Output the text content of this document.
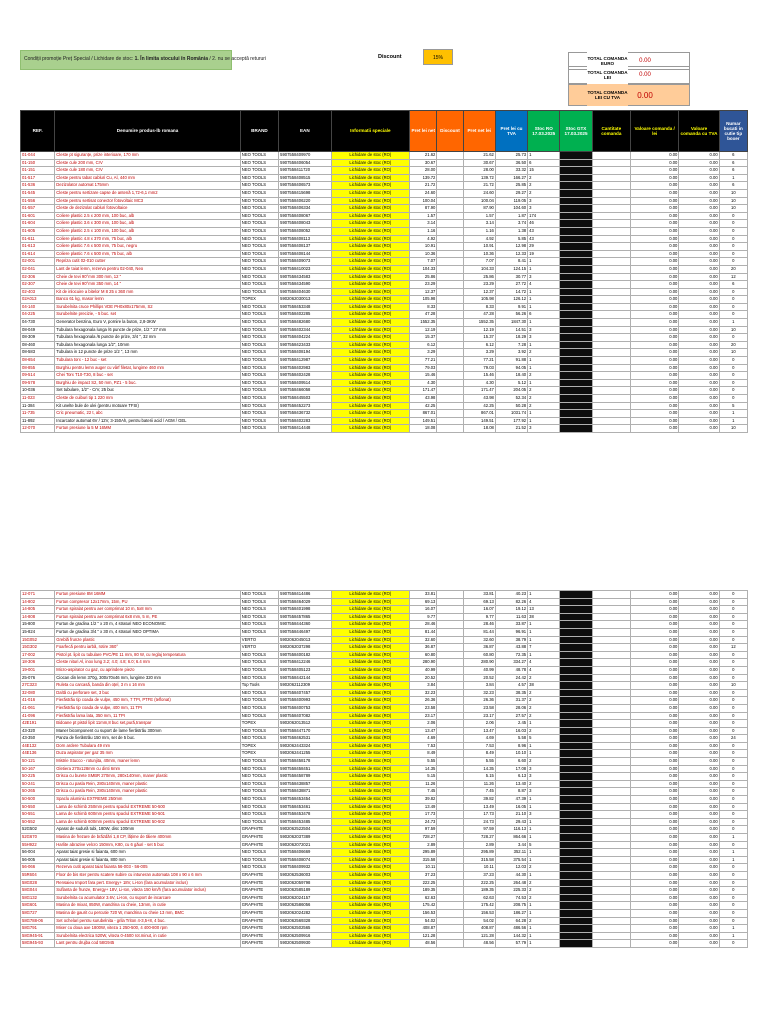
Condiții promoție Preț Special / Lichidare de stoc: 1. În limita stocului în România / 2. nu se acceptă retururi	Discount	15%	TOTAL COMANDA EURO	0.00
TOTAL COMANDA LEI	0.00
TOTAL COMANDA LEI CU TVA	0.00
REF.	Denumire produs-lb romana	BRAND	EAN	Informatii speciale	Pret lei net	Discount	Pret net lei	Pret lei cu TVA	Stoc RO 17.03.2025	Stoc GTX 17.03.2025	Cantitate comanda	Valoare comanda / lei	Valoare comanda cu TVA	Numar bucati in cutie tip boxer
01-044	Cleste pt siguranțe, prize interioare, 170 mm	NEO TOOLS	5907558409970	Lichidare de stoc (RO)	21.62		21.62	25.73	1			0.00	0.00	6
01-150	Cleste cule 200 mm, CrV	NEO TOOLS	5907558406054	Lichidare de stoc (RO)	30.67		30.67	36.50	6			0.00	0.00	6
01-151	Cleste cule 180 mm, CrV	NEO TOOLS	5907558411720	Lichidare de stoc (RO)	28.00		28.00	33.32	15			0.00	0.00	6
01-517	Cleste pentru tabat cabluri Cu, Al, 440 mm	NEO TOOLS	5907558408515	Lichidare de stoc (RO)	139.72		139.72	166.27	2			0.00	0.00	1
01-536	Dezizolator automat 175mm	NEO TOOLS	5907558406573	Lichidare de stoc (RO)	21.72		21.72	25.85	2			0.00	0.00	6
01-545	Cleste pentru sertizare capse de antenă 1,72-6,1 mm2	NEO TOOLS	5907558415698	Lichidare de stoc (RO)	24.60		24.60	29.27	2			0.00	0.00	10
01-556	Cleste pentru sertisat conector fotovoltaic MC3	NEO TOOLS	5907558406220	Lichidare de stoc (RO)	100.04		100.04	119.05	3			0.00	0.00	10
01-557	Cleste de dezizolat cabluri fotovoltaice	NEO TOOLS	5907558406334	Lichidare de stoc (RO)	87.90		87.90	104.60	3			0.00	0.00	10
01-601	Coliere plastic 2.5 x 200 mm, 100 buc, alb	NEO TOOLS	5907558408067	Lichidare de stoc (RO)	1.57		1.57	1.87	174			0.00	0.00	0
01-604	Coliere plastic 3.6 x 300 mm, 100 buc, alb	NEO TOOLS	5907558408043	Lichidare de stoc (RO)	3.14		3.14	3.74	46			0.00	0.00	0
01-605	Coliere plastic 2.5 x 100 mm, 100 buc, alb	NEO TOOLS	5907558408052	Lichidare de stoc (RO)	1.16		1.16	1.38	43			0.00	0.00	0
01-611	Coliere plastic 4.8 x 370 mm, 75 buc, alb	NEO TOOLS	5907558408113	Lichidare de stoc (RO)	4.92		4.92	5.85	43			0.00	0.00	0
01-613	Coliere plastic 7.6 x 500 mm, 75 buc, negru	NEO TOOLS	5907558408137	Lichidare de stoc (RO)	10.91		10.91	12.98	29			0.00	0.00	0
01-614	Coliere plastic 7.6 x 500 mm, 75 buc, alb	NEO TOOLS	5907558408144	Lichidare de stoc (RO)	10.36		10.36	12.33	19			0.00	0.00	0
02-001	Repriza cutit 02-010 cutter	NEO TOOLS	5907558409073	Lichidare de stoc (RO)	7.07		7.07	8.41	1			0.00	0.00	0
02-041	Lant de taiat lemn, rezerva pentru 02-040, Neo	NEO TOOLS	5907558410023	Lichidare de stoc (RO)	104.33		104.33	124.15	1			0.00	0.00	20
02-306	Cheie de tevi 90°mm 300 mm, 12 "	NEO TOOLS	5907558434583	Lichidare de stoc (RO)	25.86		25.86	30.77	3			0.00	0.00	12
02-307	Cheie de tevi 90°mm 350 mm, 14 "	NEO TOOLS	5907558434590	Lichidare de stoc (RO)	23.29		23.29	27.72	4			0.00	0.00	6
02-403	Kit de inlocuire a bitelor M 8 25 x 360 mm	NEO TOOLS	5907558404630	Lichidare de stoc (RO)	12.37		12.37	14.72	1			0.00	0.00	0
02A013	Banco 61 kg, masor lemn	TOPEX	5902062030013	Lichidare de stoc (RO)	105.98		105.98	126.12	1			0.00	0.00	0
04-140	Surubelnita cruce Phillips VDE PH0x80x175mm, S2	NEO TOOLS	5907558453348	Lichidare de stoc (RO)	8.33		8.33	9.91	1			0.00	0.00	0
04-225	Surubelnite precizie, - 5 buc. set	NEO TOOLS	5907558402285	Lichidare de stoc (RO)	47.28		47.28	56.26	6			0.00	0.00	0
04-730	Generator benzina, Euro V, pornire la buton, 2,8-3KW	NEO TOOLS	5907558482680	Lichidare de stoc (RO)	1552.35		1552.35	1847.30	1			0.00	0.00	1
08-049	Tubulara hexagonala lunga /6 puncte de prize, 1/2 " 27 mm	NEO TOOLS	5907558402344	Lichidare de stoc (RO)	12.19		12.19	14.51	3			0.00	0.00	10
08-309	Tubulara hexagonala /6 puncte de prize, 3/4 ", 32 mm	NEO TOOLS	5907558404224	Lichidare de stoc (RO)	15.37		15.37	18.29	3			0.00	0.00	0
08-460	Tubulara hexagonala lunga 1/2", 10mm	NEO TOOLS	5907558423433	Lichidare de stoc (RO)	6.12		6.12	7.28	1			0.00	0.00	20
08-583	Tubulara in 12 puncte de prize 1/2 ", 13 mm	NEO TOOLS	5907558408194	Lichidare de stoc (RO)	3.29		3.29	3.92	2			0.00	0.00	10
08-654	Tubulara torx - 12 buc - set	NEO TOOLS	5907558412987	Lichidare de stoc (RO)	77.21		77.21	91.88	1			0.00	0.00	0
08-855	Burghiu pentru lemn auger cu vârf filetat, lungime 460 mm	NEO TOOLS	5907558402983	Lichidare de stoc (RO)	79.03		79.03	94.05	1			0.00	0.00	0
09-514	Chei Torx T10-T30, 8 buc - set	NEO TOOLS	5907558402428	Lichidare de stoc (RO)	15.46		15.46	18.40	2			0.00	0.00	0
09-578	Burghiu de impact S2, 50 mm, PZ1 - 5 buc.	NEO TOOLS	5907558409514	Lichidare de stoc (RO)	4.30		4.30	5.12	1			0.00	0.00	0
10-036	Set tubulare, 1/2" - CrV, 25 buc	NEO TOOLS	5907558466058	Lichidare de stoc (RO)	171.47		171.47	204.05	2			0.00	0.00	0
11-023	Cleste de cuiburi tip 1 220 mm	NEO TOOLS	5907558445503	Lichidare de stoc (RO)	43.98		43.98	52.34	2			0.00	0.00	0
11-384	Kit unelte bule de ulei (pentru motoare TFSI)	NEO TOOLS	5907558452273	Lichidare de stoc (RO)	42.25		42.25	50.28	2			0.00	0.00	5
11-735	Cric pneumatic, 22 t, abc	NEO TOOLS	5907558436732	Lichidare de stoc (RO)	867.01		867.01	1031.74	1			0.00	0.00	1
11-892	Incarcator automat 6V / 12V, 3-150Ah, pentru baterii acid / AGM / GEL	NEO TOOLS	5907558402283	Lichidare de stoc (RO)	149.51		149.51	177.92	1			0.00	0.00	1
12-070	Furtun presiune la 5 M 16MM	NEO TOOLS	5907558414448	Lichidare de stoc (RO)	18.08		18.08	21.52	3			0.00	0.00	10
12-071	Furtun presiune 8M 16MM	NEO TOOLS	5907558414486	Lichidare de stoc (RO)	33.81		33.81	40.23	1			0.00	0.00	0
14-802	Furtun compresor 12x17mm, 15m, PU	NEO TOOLS	5907558464029	Lichidare de stoc (RO)	69.13		69.13	82.26	4			0.00	0.00	0
14-805	Furtun spiralat pentru aer comprimat 10 m, 5x8 mm	NEO TOOLS	5907558401998	Lichidare de stoc (RO)	16.07		16.07	19.12	13			0.00	0.00	0
14-808	Furtun spiralat pentru aer comprimat 6x8 mm, 5 m, PE	NEO TOOLS	5907558457865	Lichidare de stoc (RO)	9.77		9.77	11.63	38			0.00	0.00	0
15-800	Furtun de gradina 1/2 " x 20 m, 4 straturi NEO ECONOMIC	NEO TOOLS	5907558444360	Lichidare de stoc (RO)	28.46		28.46	33.87	1			0.00	0.00	0
15-824	Furtun de gradina 3/4 " x 30 m, 4 straturi NEO OPTIMA	NEO TOOLS	5907558446497	Lichidare de stoc (RO)	81.44		81.44	96.91	1			0.00	0.00	0
15G052	Greblă frunze plastic	VERTO	5902062045013	Lichidare de stoc (RO)	32.60		32.60	38.79	1			0.00	0.00	0
15G302	Foarfecă pentru iarbă, rotire 360°	VERTO	5902062037298	Lichidare de stoc (RO)	36.87		36.87	43.88	7			0.00	0.00	12
17-002	Pistol pt. lipit cu tubulare PVC/PE 11 mm, 80 W, cu reglaj temperatura	NEO TOOLS	5907558400182	Lichidare de stoc (RO)	60.80		60.80	72.35	1			0.00	0.00	0
18-306	Cleste nituri Al, inox lung 3.2; 4.0; 4.8; 6.0; 6.4 mm	NEO TOOLS	5907558412246	Lichidare de stoc (RO)	280.90		280.90	334.27	4			0.00	0.00	0
19-001	Micro-aspirator cu gaz, cu aprindere piezo	NEO TOOLS	5907558405123	Lichidare de stoc (RO)	40.99		40.99	48.78	4			0.00	0.00	0
25-076	Ciocan din lemn 370g, 300x70x46 mm, lungime 320 mm	NEO TOOLS	5907558442144	Lichidare de stoc (RO)	20.52		20.52	24.42	2			0.00	0.00	0
27C323	Ruleta cu carcasă, banda din oțel, 3 m x 16 mm	Top Tools	5902062112309	Lichidare de stoc (RO)	3.84		3.84	4.57	38			0.00	0.00	10
32-080	Daltă cu perforare set, 3 buc	NEO TOOLS	5907558407457	Lichidare de stoc (RO)	32.23		32.23	38.35	2			0.00	0.00	0
41-016	Fierăstrău tip coada de vulpe, 450 mm, 7 TPI, PTFE (teflonat)	NEO TOOLS	5907558400993	Lichidare de stoc (RO)	26.36		26.36	31.37	2			0.00	0.00	0
41-061	Fierăstrău tip coada de vulpe, 400 mm, 11 TPI	NEO TOOLS	5907558400753	Lichidare de stoc (RO)	23.58		23.58	28.06	2			0.00	0.00	0
41-096	Fierăstrău lama lata, 350 mm, 11 TPI	NEO TOOLS	5907558407082	Lichidare de stoc (RO)	23.17		23.17	27.57	2			0.00	0.00	0
42E191	Bidoane pt pistol lipit 11mm,8 buc set,pură,transpar	TOPEX	5902062013512	Lichidare de stoc (RO)	2.06		2.06	2.45	1			0.00	0.00	0
43-320	Maner bicomponent cu suport de lame fierăstrău 300mm	NEO TOOLS	5907558447170	Lichidare de stoc (RO)	13.47		13.47	16.03	2			0.00	0.00	0
43-350	Panza de fierăstrău 150 mm, set de 5 buc.	NEO TOOLS	5907558462531	Lichidare de stoc (RO)	4.69		4.69	5.58	5			0.00	0.00	24
44E132	Dorn ardere Tubulara 49 mm	TOPEX	5902062443324	Lichidare de stoc (RO)	7.53		7.53	8.96	1			0.00	0.00	0
44E136	Duza aspirator per gaz 35 mm	TOPEX	5902062441255	Lichidare de stoc (RO)	8.49		8.49	10.10	1			0.00	0.00	0
50-121	Mistrie Stucco - rotunjita, 40mm, maner lemn	NEO TOOLS	5907558458178	Lichidare de stoc (RO)	5.55		5.55	6.60	2			0.00	0.00	0
50-167	Gletiera 270x128mm cu dinti 6mm	NEO TOOLS	5907558458451	Lichidare de stoc (RO)	14.35		14.35	17.08	3			0.00	0.00	0
50-225	Drisca cu burete SMBR 270mm, 280x140mm, maner plastic	NEO TOOLS	5907558458789	Lichidare de stoc (RO)	5.15		5.15	6.13	3			0.00	0.00	0
50-241	Drisca cu pasla Rein, 280x140mm, maner plastic	NEO TOOLS	5907558438857	Lichidare de stoc (RO)	11.26		11.26	13.40	2			0.00	0.00	0
50-265	Drisca cu pasla Rein, 280x140mm, maner plastic	NEO TOOLS	5907558438871	Lichidare de stoc (RO)	7.45		7.45	8.87	3			0.00	0.00	0
50-500	Spaclu aluminiu EXTREME 250mm	NEO TOOLS	5907558453454	Lichidare de stoc (RO)	39.82		39.82	47.39	1			0.00	0.00	0
50-550	Lama de schimb 250mm pentru spaclul EXTREME 50-500	NEO TOOLS	5907558453461	Lichidare de stoc (RO)	13.49		13.49	16.05	1			0.00	0.00	0
50-551	Lama de schimb 600mm pentru spaclul EXTREME 50-501	NEO TOOLS	5907558453478	Lichidare de stoc (RO)	17.73		17.73	21.10	3			0.00	0.00	0
50-552	Lama de schimb 600mm pentru spaclul EXTREME 50-502	NEO TOOLS	5907558453485	Lichidare de stoc (RO)	24.73		24.73	29.43	1			0.00	0.00	0
52G502	Aparat de sudură tubi, 180W, disc 100mm	GRAPHITE	5902062522504	Lichidare de stoc (RO)	97.59		97.59	116.13	1			0.00	0.00	0
52G670	Masina de frezare de brăzdări 1,8 CP, lățime de tăiere 400mm	GRAPHITE	5902062037389	Lichidare de stoc (RO)	728.27		728.27	864.66	1			0.00	0.00	1
55H922	Harlite abrazive velcro 150mm, K80, cu 6 găuri - set 5 buc	GRAPHITE	5902062072021	Lichidare de stoc (RO)	2.89		2.89	3.44	5			0.00	0.00	0
56-004	Aparat taiat gresie si faianta, 600 mm	NEO TOOLS	5907558406669	Lichidare de stoc (RO)	295.89		295.89	352.11	1			0.00	0.00	1
56-005	Aparat taiat gresie si faianta, 800 mm	NEO TOOLS	5907558408074	Lichidare de stoc (RO)	315.58		315.58	375.54	1			0.00	0.00	1
56-066	Rezerva cutit aparat taiat faianta 56-003 - 56-005	NEO TOOLS	5907558409932	Lichidare de stoc (RO)	10.11		10.11	12.03	2			0.00	0.00	0
55R604	Floor de bis ster pentru scatere subire cu intuneran automata 108 x 90 x 6 mm	GRAPHITE	5902062536003	Lichidare de stoc (RO)	37.23		37.23	44.30	1			0.00	0.00	0
58G028	Rensaieu Import fara pert. Energy+ 18V, Li-Ion (fara acumulator inclus)	GRAPHITE	5902062059798	Lichidare de stoc (RO)	222.25		222.25	264.48	2			0.00	0.00	0
58G044	Suflanta de frunze, Energy+ 18V, Li-Ion, viteza 150 km/h (fara acumulator inclus)	GRAPHITE	5902062585189	Lichidare de stoc (RO)	189.35		189.35	225.33	2			0.00	0.00	0
58G132	Surubelnita cu acumulator 3.6V, Li-Ion, cu suport de incarcare	GRAPHITE	5902062024157	Lichidare de stoc (RO)	62.63		62.63	74.53	2			0.00	0.00	0
58G601	Masina de mixat, 850W, mandrina cu cheie, 13mm, in cutie	GRAPHITE	5902062586056	Lichidare de stoc (RO)	175.42		175.42	208.75	1			0.00	0.00	0
58G727	Masina de gaurit cu percutie 720 W, mandrina cu cheie 13 mm, BMC	GRAPHITE	5902062024282	Lichidare de stoc (RO)	156.53		156.53	186.27	1			0.00	0.00	0
58G788-06	Set ochelari pentru surubelnita - grila Triton 4-3,5+8, 4 buc.	GRAPHITE	5902062569328	Lichidare de stoc (RO)	54.02		54.02	64.28	2			0.00	0.00	0
58G791	Mixer cu doua axe 1800W, viteza 1 250-500, 4 400-800 rpm	GRAPHITE	5902062502565	Lichidare de stoc (RO)	408.87		408.87	486.56	1			0.00	0.00	1
58G945-91	Surubelnita electrica 520W, viteza 0-4500 rot.minut, in cutie	GRAPHITE	5902062509916	Lichidare de stoc (RO)	121.28		121.28	144.32	1			0.00	0.00	1
58G945-93	Lant pentru drujba cod 58G945	GRAPHITE	5902062509930	Lichidare de stoc (RO)	48.56		48.56	57.79	1			0.00	0.00	0
